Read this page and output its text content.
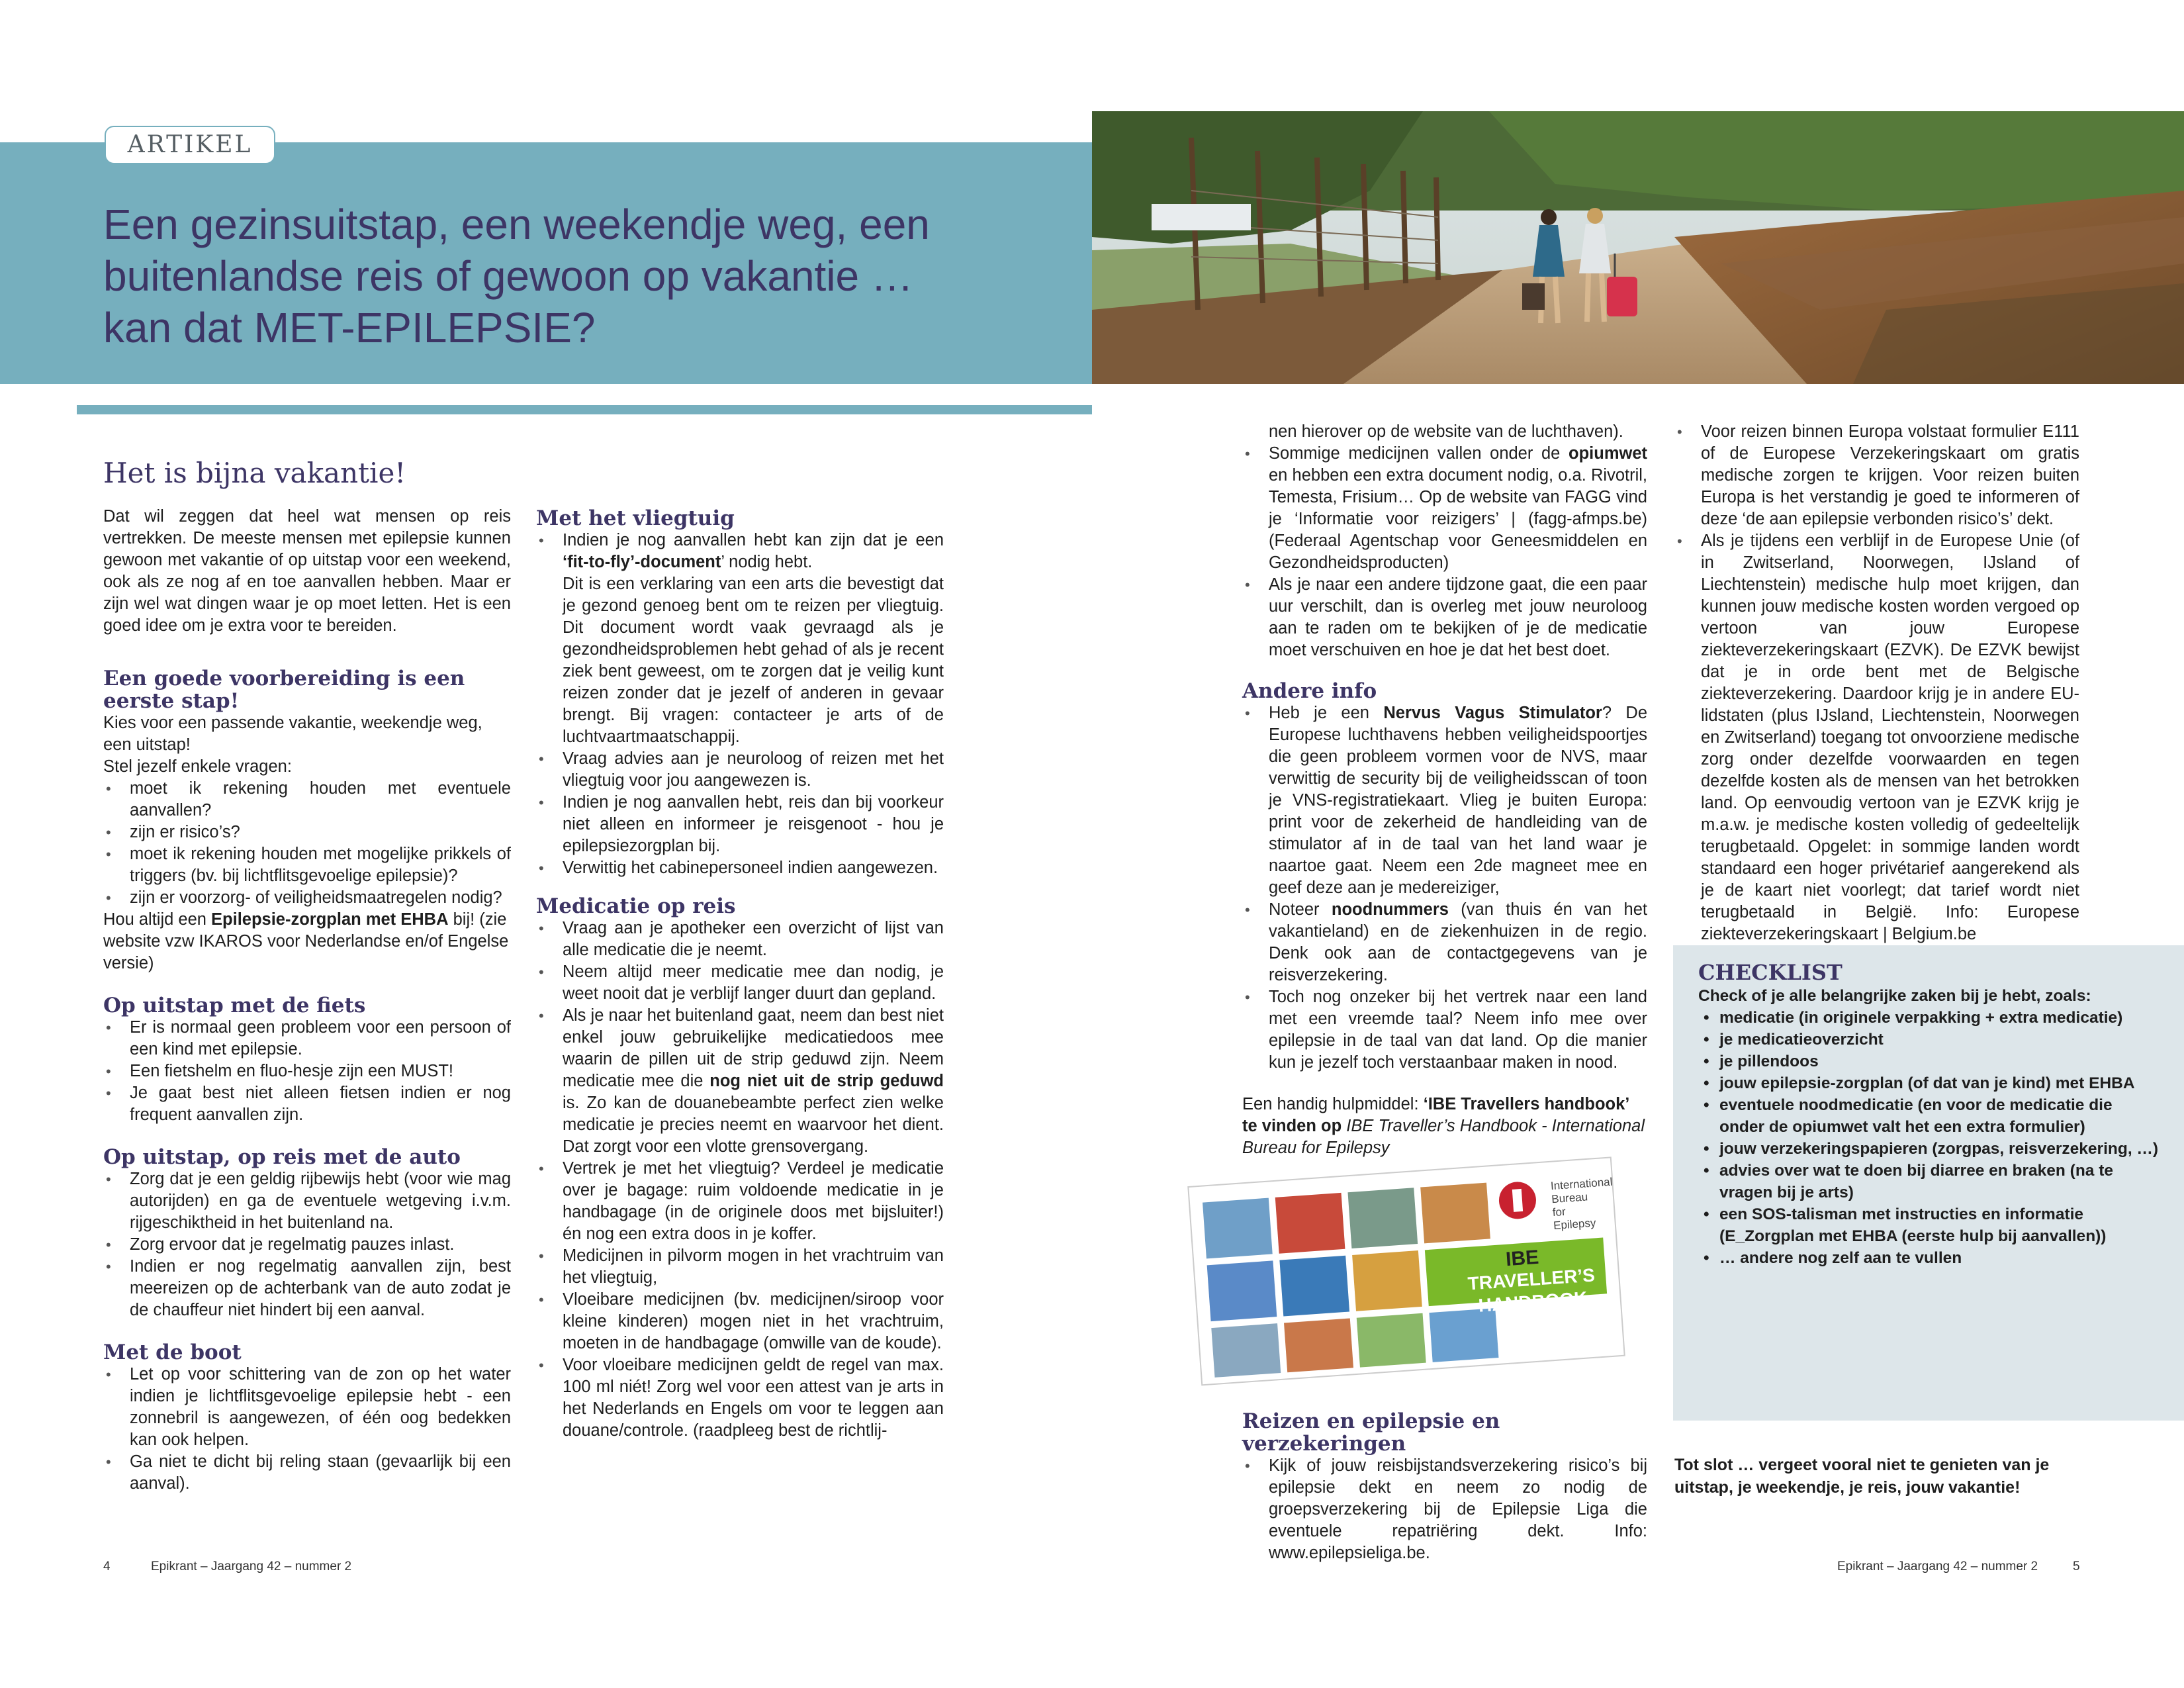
ARTIKEL
Een gezinsuitstap, een weekendje weg, een
buitenlandse reis of gewoon op vakantie …
kan dat MET-EPILEPSIE?
Het is bijna vakantie!

Dat wil zeggen dat heel wat mensen op reis vertrekken. De meeste mensen met epilepsie kunnen gewoon met vakantie of op uitstap voor een weekend, ook als ze nog af en toe aanvallen hebben. Maar er zijn wel wat dingen waar je op moet letten. Het is een goed idee om je extra voor te bereiden.

Een goede voorbereiding is een eerste stap!

Kies voor een passende vakantie, weekendje weg, een uitstap!

Stel jezelf enkele vragen:

• moet ik rekening houden met eventuele aanvallen?
• zijn er risico’s?
• moet ik rekening houden met mogelijke prikkels of triggers (bv. bij lichtflitsgevoelige epilepsie)?
• zijn er voorzorg- of veiligheidsmaatregelen nodig?

Hou altijd een Epilepsie-zorgplan met EHBA bij! (zie website vzw IKAROS voor Nederlandse en/of Engelse versie)

Op uitstap met de fiets
• Er is normaal geen probleem voor een persoon of een kind met epilepsie.
• Een fietshelm en fluo-hesje zijn een MUST!
• Je gaat best niet alleen fietsen indien er nog frequent aanvallen zijn.
Op uitstap, op reis met de auto
• Zorg dat je een geldig rijbewijs hebt (voor wie mag autorijden) en ga de eventuele wetgeving i.v.m. rijgeschiktheid in het buitenland na.
• Zorg ervoor dat je regelmatig pauzes inlast.
• Indien er nog regelmatig aanvallen zijn, best meereizen op de achterbank van de auto zodat je de chauffeur niet hindert bij een aanval.
Met de boot
• Let op voor schittering van de zon op het water indien je lichtflitsgevoelige epilepsie hebt - een zonnebril is aangewezen, of één oog bedekken kan ook helpen.
• Ga niet te dicht bij reling staan (gevaarlijk bij een aanval).
Met het vliegtuig
• Indien je nog aanvallen hebt kan zijn dat je een ‘fit-to-fly’-document’ nodig hebt.
Dit is een verklaring van een arts die bevestigt dat je gezond genoeg bent om te reizen per vliegtuig. Dit document wordt vaak gevraagd als je gezondheidsproblemen hebt gehad of als je recent ziek bent geweest, om te zorgen dat je veilig kunt reizen zonder dat je jezelf of anderen in gevaar brengt. Bij vragen: contacteer je arts of de luchtvaartmaatschappij.
• Vraag advies aan je neuroloog of reizen met het vliegtuig voor jou aangewezen is.
• Indien je nog aanvallen hebt, reis dan bij voorkeur niet alleen en informeer je reisgenoot - hou je epilepsiezorgplan bij.
• Verwittig het cabinepersoneel indien aangewezen.
Medicatie op reis
• Vraag aan je apotheker een overzicht of lijst van alle medicatie die je neemt.
• Neem altijd meer medicatie mee dan nodig, je weet nooit dat je verblijf langer duurt dan gepland.
• Als je naar het buitenland gaat, neem dan best niet enkel jouw gebruikelijke medicatiedoos mee waarin de pillen uit de strip geduwd zijn. Neem medicatie mee die nog niet uit de strip geduwd is. Zo kan de douanebeambte perfect zien welke medicatie je precies neemt en waarvoor het dient. Dat zorgt voor een vlotte grensovergang.
• Vertrek je met het vliegtuig? Verdeel je medicatie over je bagage: ruim voldoende medicatie in je handbagage (in de originele doos met bijsluiter!) én nog een extra doos in je koffer.
• Medicijnen in pilvorm mogen in het vrachtruim van het vliegtuig,
• Vloeibare medicijnen (bv. medicijnen/siroop voor kleine kinderen) mogen niet in het vrachtruim, moeten in de handbagage (omwille van de koude).
• Voor vloeibare medicijnen geldt de regel van max. 100 ml niét! Zorg wel voor een attest van je arts in het Nederlands en Engels om voor te leggen aan douane/controle. (raadpleeg best de richtlij-

nen hierover op de website van de luchthaven).

• Sommige medicijnen vallen onder de opiumwet en hebben een extra document nodig, o.a. Rivotril, Temesta, Frisium… Op de website van FAGG vind je ‘Informatie voor reizigers’ | (fagg-afmps.be) (Federaal Agentschap voor Geneesmiddelen en Gezondheidsproducten)
• Als je naar een andere tijdzone gaat, die een paar uur verschilt, dan is overleg met jouw neuroloog aan te raden om te bekijken of je de medicatie moet verschuiven en hoe je dat het best doet.
Andere info
• Heb je een Nervus Vagus Stimulator? De Europese luchthavens hebben veiligheidspoortjes die geen probleem vormen voor de NVS, maar verwittig de security bij de veiligheidsscan of toon je VNS-registratiekaart. Vlieg je buiten Europa: print voor de zekerheid de handleiding van de stimulator af in de taal van het land waar je naartoe gaat. Neem een 2de magneet mee en geef deze aan je medereiziger,
• Noteer noodnummers (van thuis én van het vakantieland) en de ziekenhuizen in de regio. Denk ook aan de contactgegevens van je reisverzekering.
• Toch nog onzeker bij het vertrek naar een land met een vreemde taal? Neem info mee over epilepsie in de taal van dat land. Op die manier kun je jezelf toch verstaanbaar maken in nood.

Een handig hulpmiddel: ‘IBE Travellers handbook’ te vinden op IBE Traveller’s Handbook - International Bureau for Epilepsy

IBE
International
Bureau
for
Epilepsy
TRAVELLER’S
HANDBOOK
Reizen en epilepsie en verzekeringen
• Kijk of jouw reisbijstandsverzekering risico’s bij epilepsie dekt en neem zo nodig de groepsverzekering bij de Epilepsie Liga die eventuele repatriëring dekt. Info: www.epilepsieliga.be.
• Voor reizen binnen Europa volstaat formulier E111 of de Europese Verzekeringskaart om gratis medische zorgen te krijgen. Voor reizen buiten Europa is het verstandig je goed te informeren of deze ‘de aan epilepsie verbonden risico’s’ dekt.
• Als je tijdens een verblijf in de Europese Unie (of in Zwitserland, Noorwegen, IJsland of Liechtenstein) medische hulp moet krijgen, dan kunnen jouw medische kosten worden vergoed op vertoon van jouw Europese ziekteverzekeringskaart (EZVK). De EZVK bewijst dat je in orde bent met de Belgische ziekteverzekering. Daardoor krijg je in andere EU-lidstaten (plus IJsland, Liechtenstein, Noorwegen en Zwitserland) toegang tot onvoorziene medische zorg onder dezelfde voorwaarden en tegen dezelfde kosten als de mensen van het betrokken land. Op eenvoudig vertoon van je EZVK krijg je m.a.w. je medische kosten volledig of gedeeltelijk terugbetaald. Opgelet: in sommige landen wordt standaard een hoger privétarief aangerekend als je de kaart niet voorlegt; dat tarief wordt niet terugbetaald in België. Info: Europese ziekteverzekeringskaart | Belgium.be
CHECKLIST
Check of je alle belangrijke zaken bij je hebt, zoals:
• medicatie (in originele verpakking + extra medicatie)
• je medicatieoverzicht
• je pillendoos
• jouw epilepsie-zorgplan (of dat van je kind) met EHBA
• eventuele noodmedicatie (en voor de medicatie die onder de opiumwet valt het een extra formulier)
• jouw verzekeringspapieren (zorgpas, reisverzekering, …)
• advies over wat te doen bij diarree en braken (na te vragen bij je arts)
• een SOS-talisman met instructies en informatie (E_Zorgplan met EHBA (eerste hulp bij aanvallen))
• … andere nog zelf aan te vullen
Tot slot … vergeet vooral niet te genieten van je uitstap, je weekendje, je reis, jouw vakantie!
4	Epikrant – Jaargang 42 – nummer 2	Epikrant – Jaargang 42 – nummer 2	5
